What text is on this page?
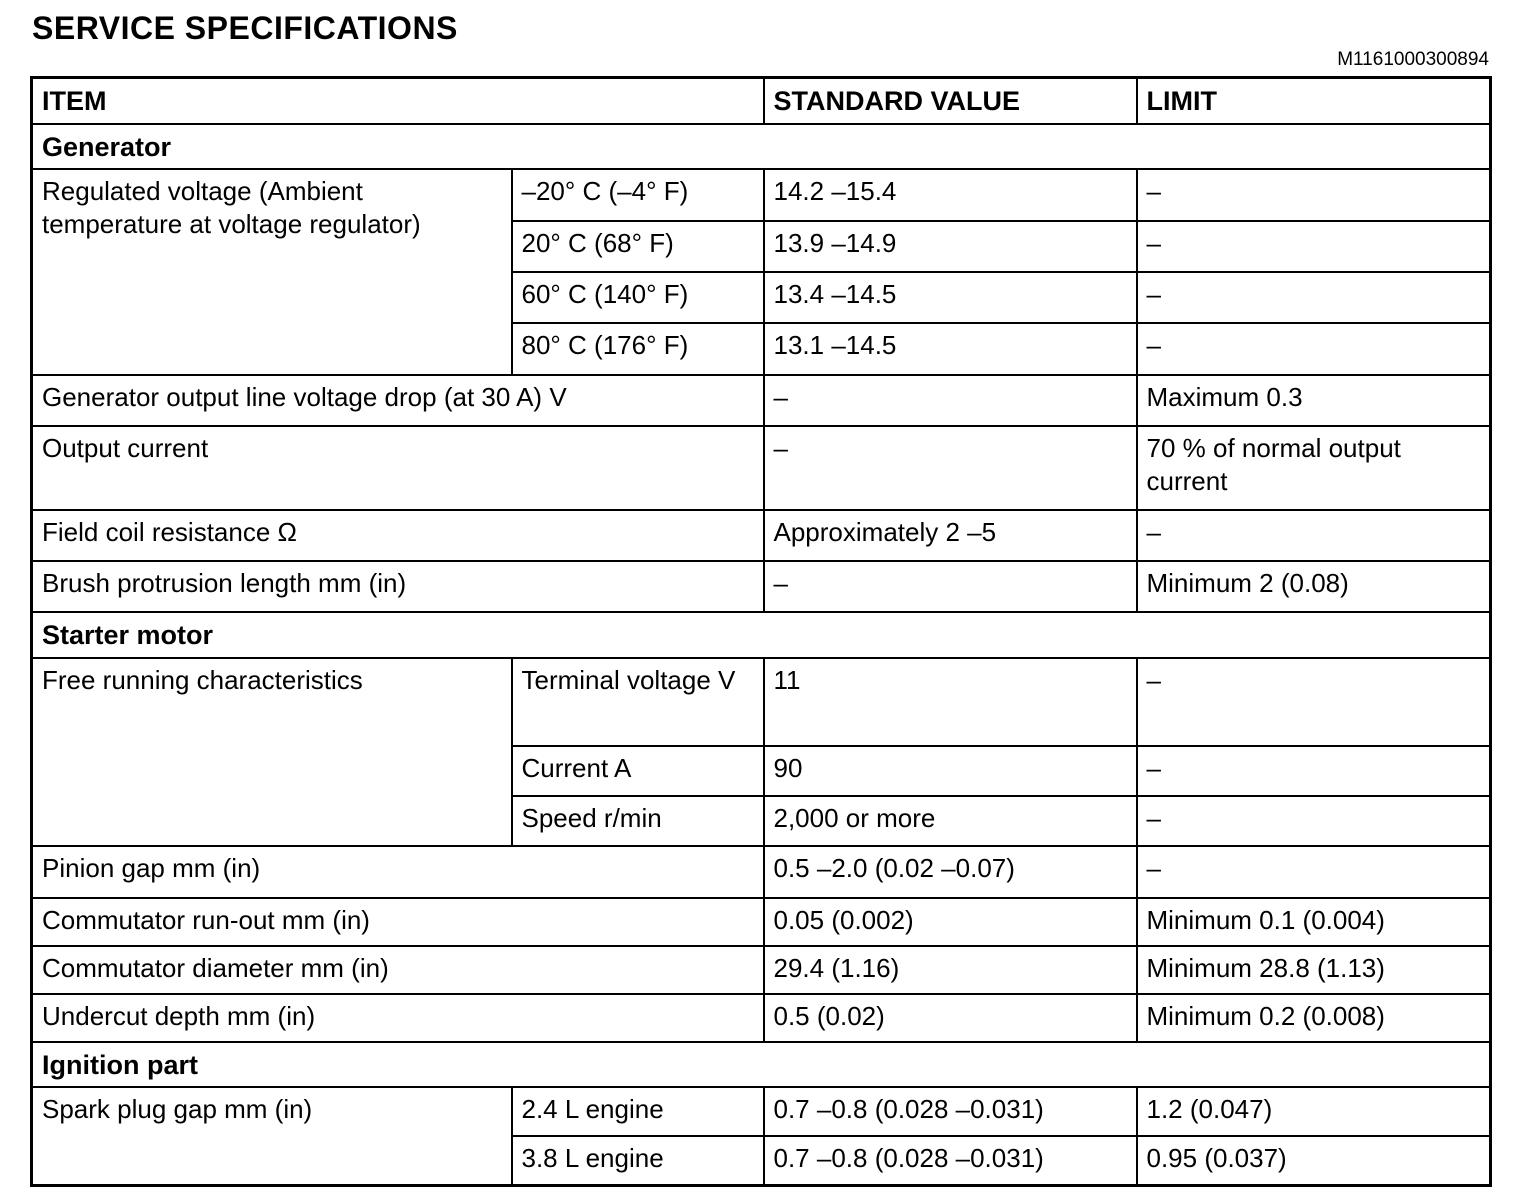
SERVICE SPECIFICATIONS
M1161000300894
ITEM		STANDARD VALUE	LIMIT
Generator			
Regulated voltage (Ambient temperature at voltage regulator)	–20° C (–4° F)	14.2 –15.4	–
	20° C (68° F)	13.9 –14.9	–
	60° C (140° F)	13.4 –14.5	–
	80° C (176° F)	13.1 –14.5	–
Generator output line voltage drop (at 30 A) V		–	Maximum 0.3
Output current		–	70 % of normal output current
Field coil resistance Ω		Approximately 2 –5	–
Brush protrusion length mm (in)		–	Minimum 2 (0.08)
Starter motor			
Free running characteristics	Terminal voltage V	11	–
	Current A	90	–
	Speed r/min	2,000 or more	–
Pinion gap mm (in)		0.5 –2.0 (0.02 –0.07)	–
Commutator run-out mm (in)		0.05 (0.002)	Minimum 0.1 (0.004)
Commutator diameter mm (in)		29.4 (1.16)	Minimum 28.8 (1.13)
Undercut depth mm (in)		0.5 (0.02)	Minimum 0.2 (0.008)
Ignition part			
Spark plug gap mm (in)	2.4 L engine	0.7 –0.8 (0.028 –0.031)	1.2 (0.047)
	3.8 L engine	0.7 –0.8 (0.028 –0.031)	0.95 (0.037)
